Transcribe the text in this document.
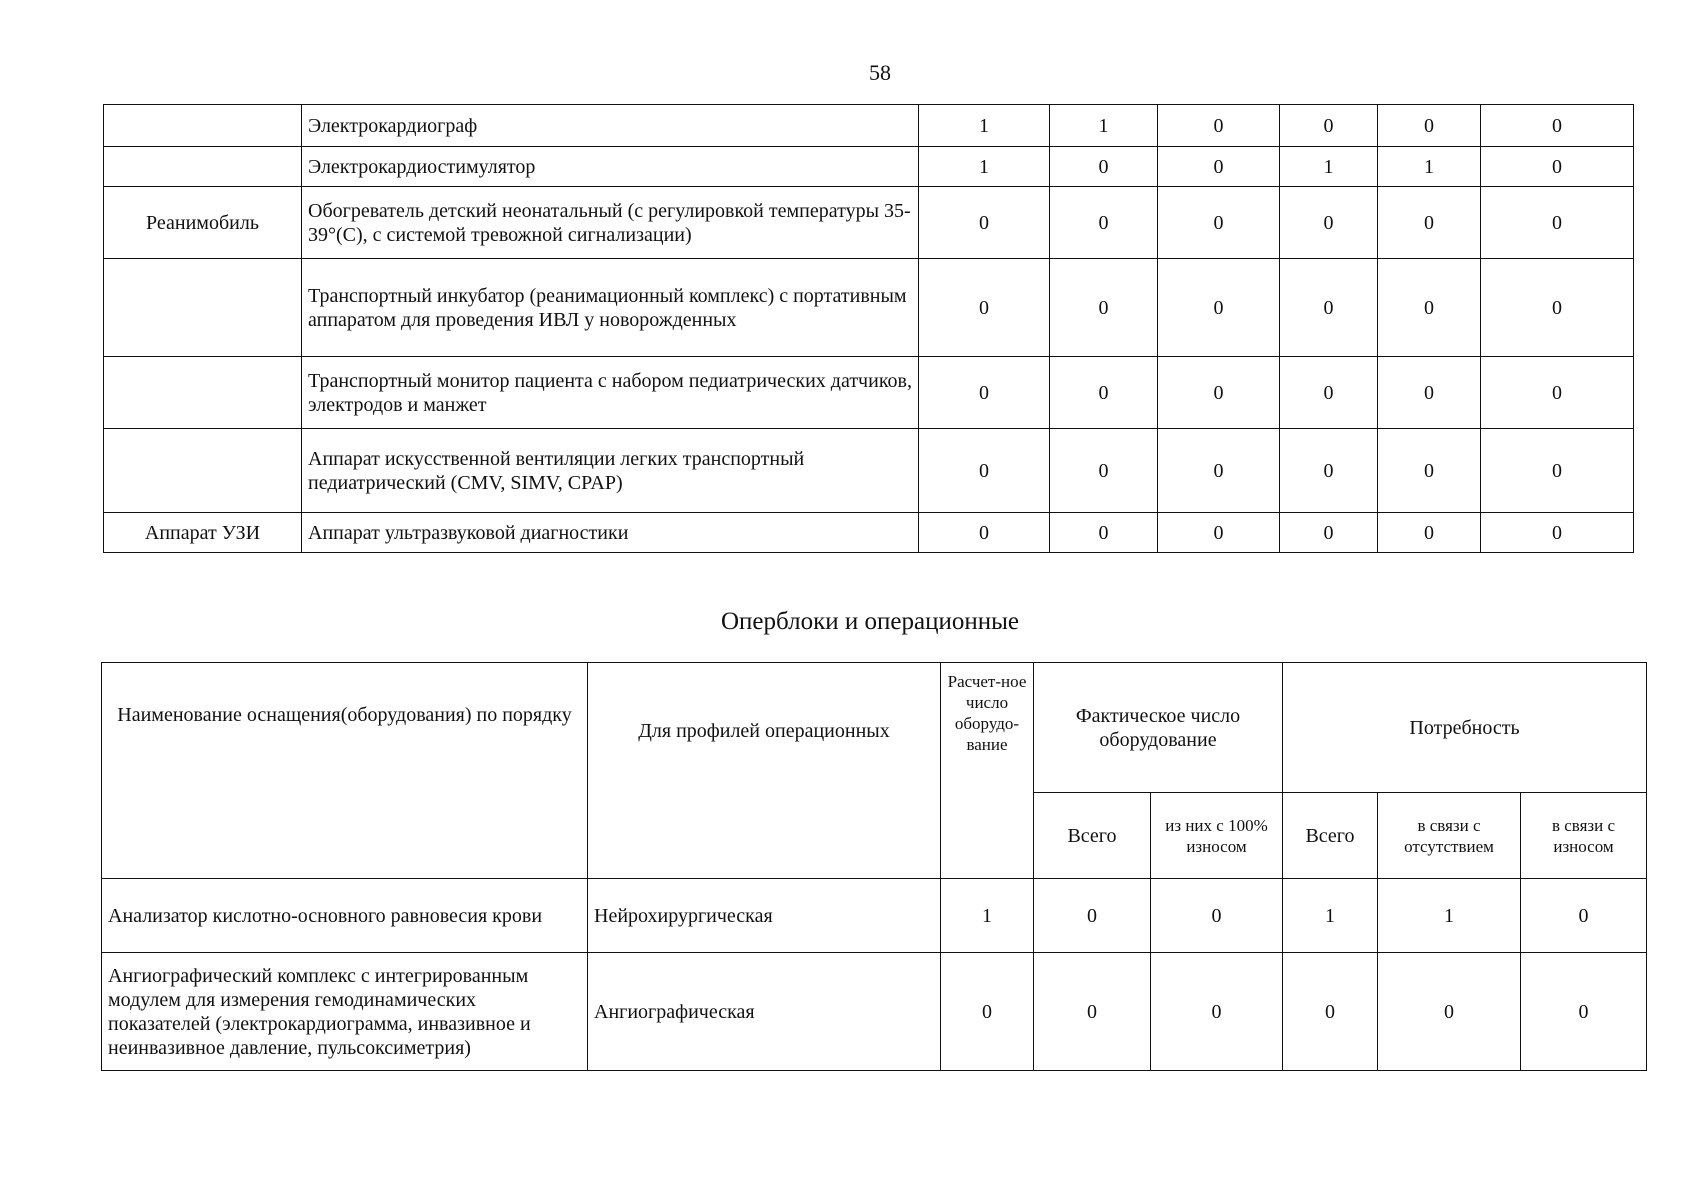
58
	Электрокардиограф	1	1	0	0	0	0
	Электрокардиостимулятор	1	0	0	1	1	0
Реанимобиль	Обогреватель детский неонатальный (с регулировкой температуры 35-39°(С), с системой тревожной сигнализации)	0	0	0	0	0	0
	Транспортный инкубатор (реанимационный комплекс) с портативным аппаратом для проведения ИВЛ у новорожденных	0	0	0	0	0	0
	Транспортный монитор пациента с набором педиатрических датчиков, электродов и манжет	0	0	0	0	0	0
	Аппарат искусственной вентиляции легких транспортный педиатрический (CMV, SIMV, CPAP)	0	0	0	0	0	0
Аппарат УЗИ	Аппарат ультразвуковой диагностики	0	0	0	0	0	0
Оперблоки и операционные
Наименование оснащения(оборудования) по порядку	Для профилей операционных	Расчет-ное число оборудо-вание	Фактическое число оборудование		Потребность		
			Всего	из них с 100% износом	Всего	в связи с отсутствием	в связи с износом
Анализатор кислотно-основного равновесия крови	Нейрохирургическая	1	0	0	1	1	0
Ангиографический комплекс с интегрированным модулем для измерения гемодинамических показателей (электрокардиограмма, инвазивное и неинвазивное давление, пульсоксиметрия)	Ангиографическая	0	0	0	0	0	0
